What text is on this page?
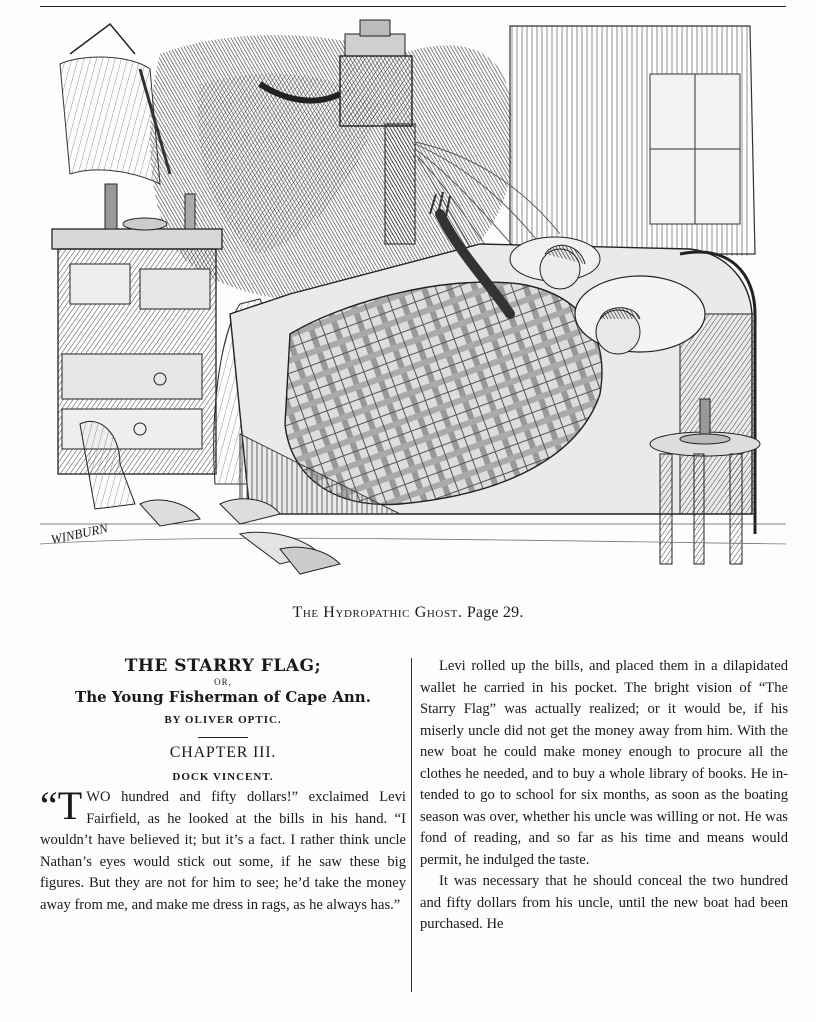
WINBURN
The Hydropathic Ghost. Page 29.

THE STARRY FLAG;

OR,

The Young Fisherman of Cape Ann.

BY OLIVER OPTIC.

CHAPTER III.

DOCK VINCENT.

“TWO hundred and fifty dollars!” exclaimed Levi Fairfield, as he looked at the bills in his hand. “I wouldn’t have believed it; but it’s a fact. I rather think uncle Nathan’s eyes would stick out some, if he saw these big figures. But they are not for him to see; he’d take the money away from me, and make me dress in rags, as he always has.”

Levi rolled up the bills, and placed them in a dilapidated wallet he carried in his pocket. The bright vision of “The Starry Flag” was actually realized; or it would be, if his miserly uncle did not get the money away from him. With the new boat he could make money enough to procure all the clothes he needed, and to buy a whole library of books. He intended to go to school for six months, as soon as the boating season was over, whether his uncle was willing or not. He was fond of reading, and so far as his time and means would permit, he indulged the taste.

It was necessary that he should conceal the two hundred and fifty dollars from his uncle, until the new boat had been purchased. He
